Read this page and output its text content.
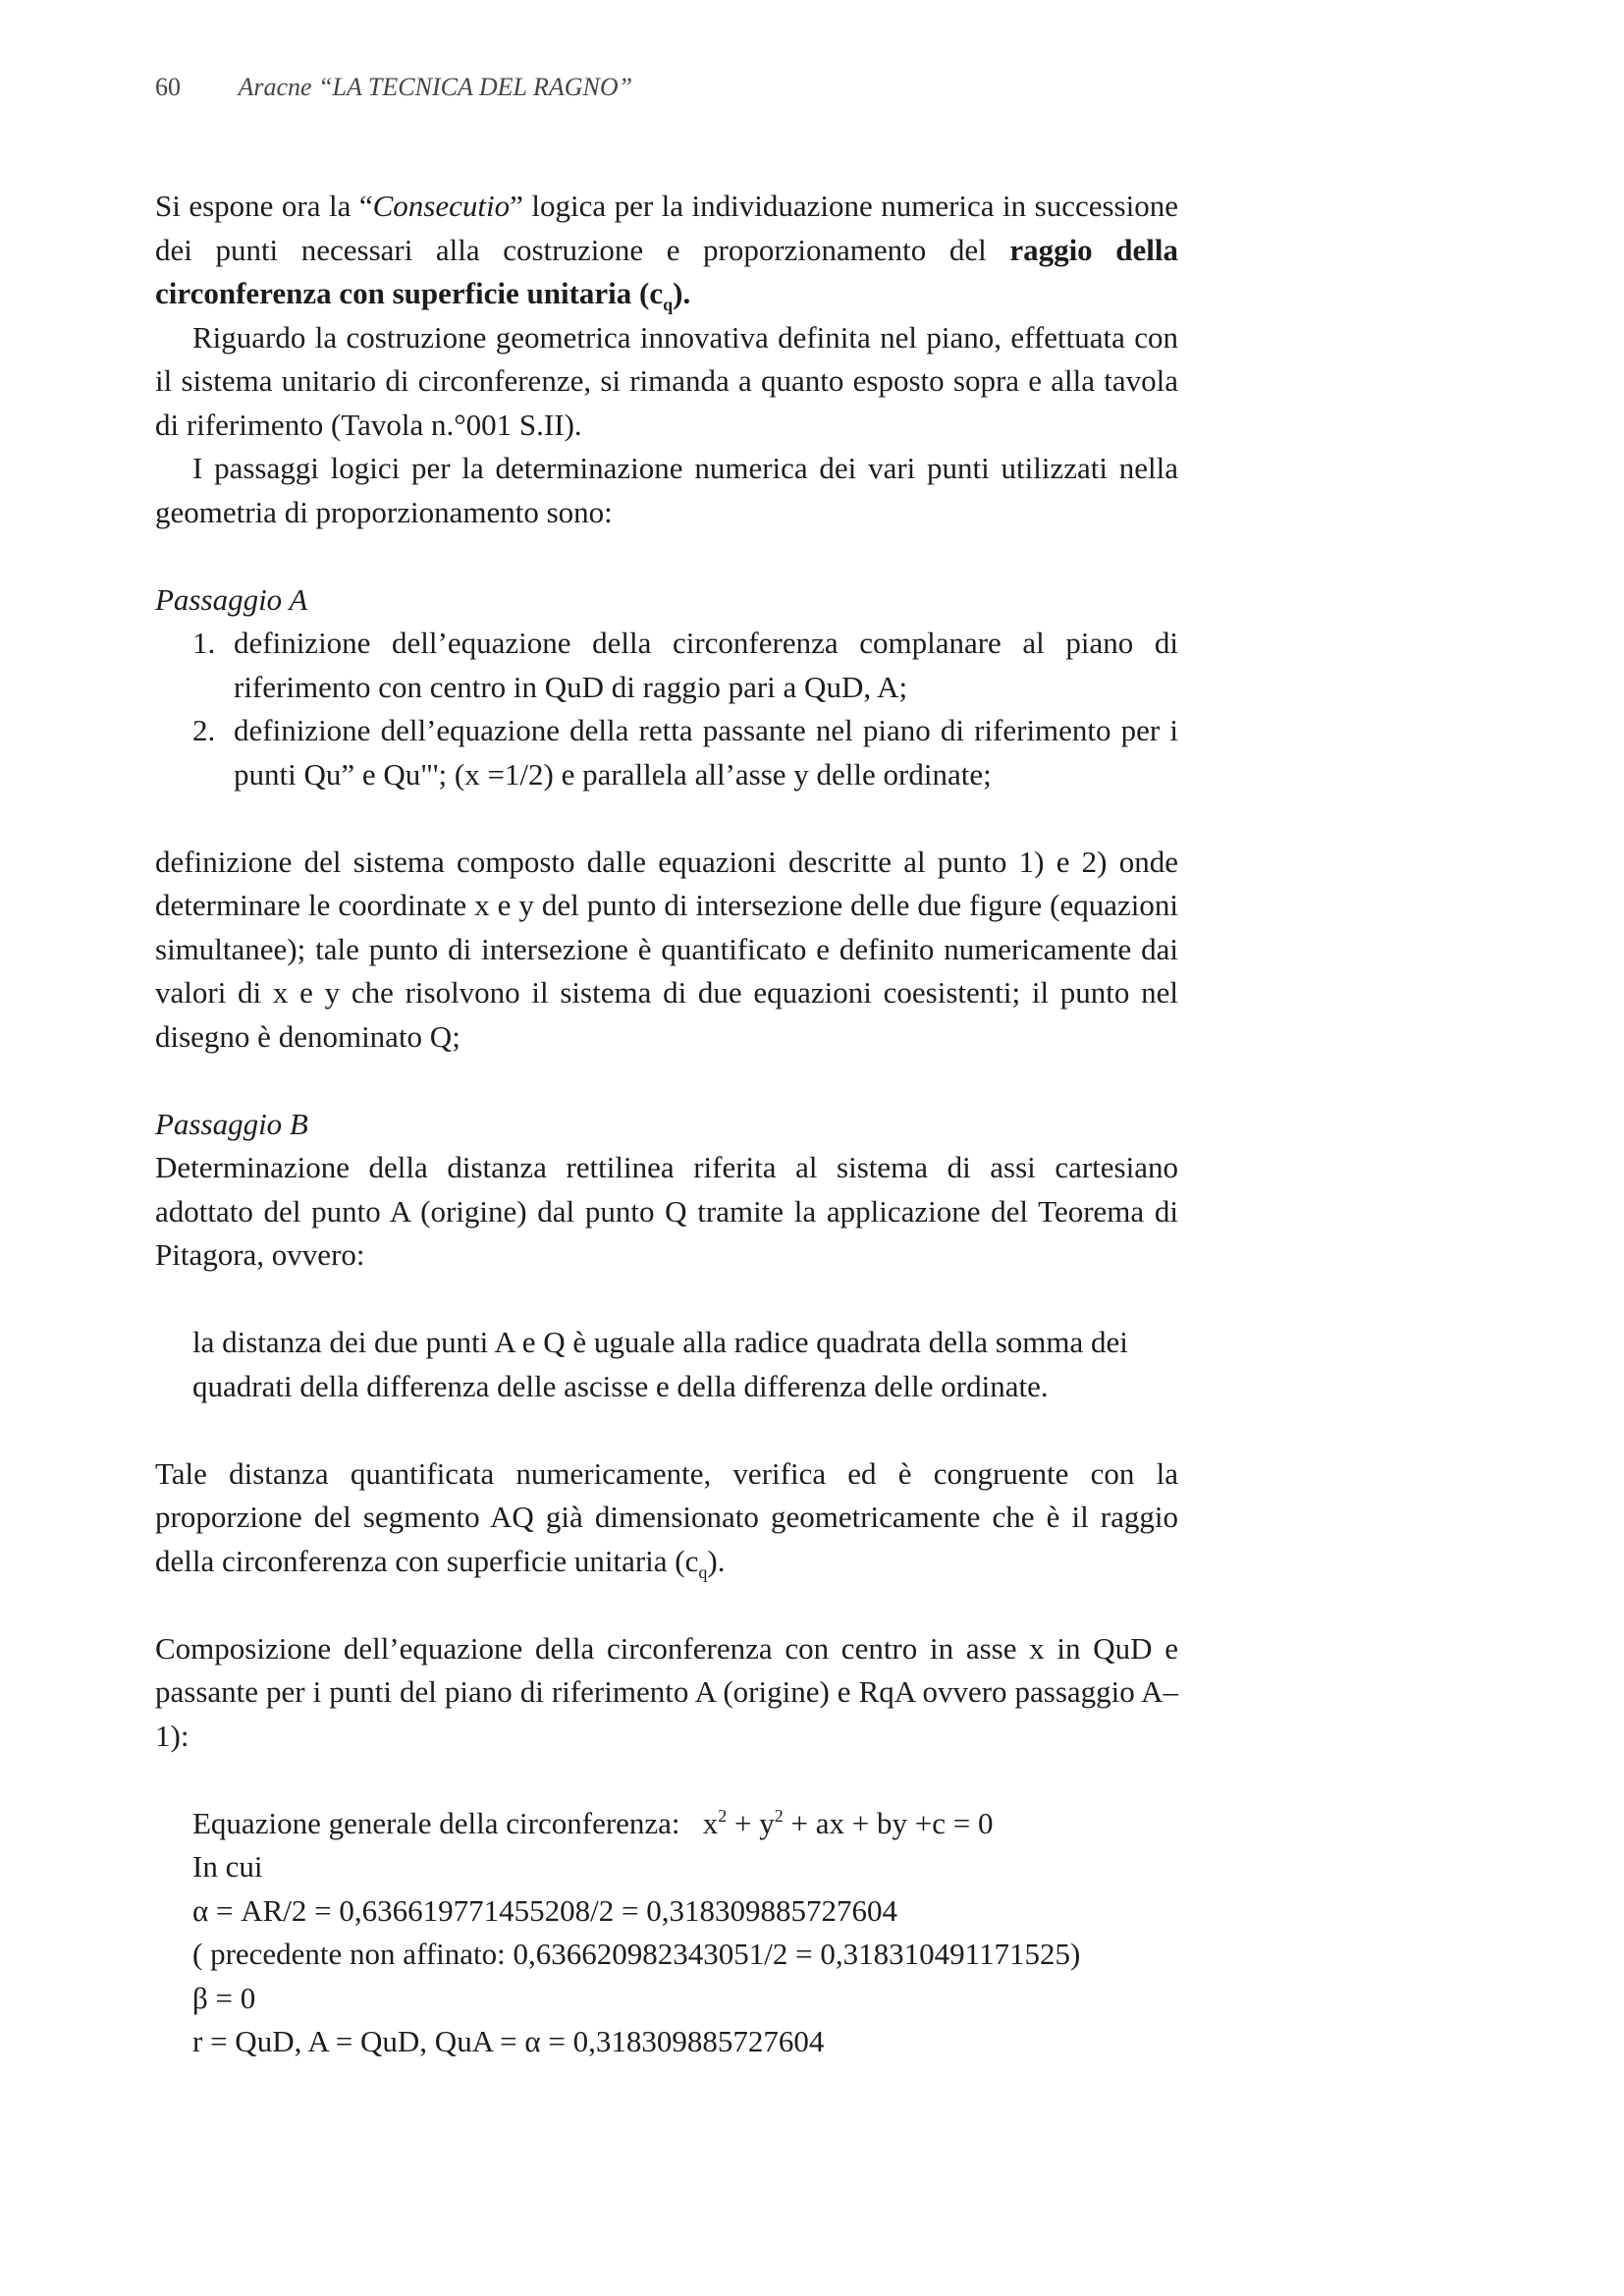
60 Aracne “LA TECNICA DEL RAGNO”

Si espone ora la “Consecutio” logica per la individuazione numerica in successione dei punti necessari alla costruzione e proporzionamento del raggio della circonferenza con superficie unitaria $(c_q)$.

Riguardo la costruzione geometrica innovativa definita nel piano, effettuata con il sistema unitario di circonferenze, si rimanda a quanto esposto sopra e alla tavola di riferimento (Tavola n.°001 S.II).

I passaggi logici per la determinazione numerica dei vari punti utilizzati nella geometria di proporzionamento sono:

Passaggio A

1. definizione dell’equazione della circonferenza complanare al piano di riferimento con centro in QuD di raggio pari a QuD, A;
2. definizione dell’equazione della retta passante nel piano di riferimento per i punti Qu” e Qu"'; (x =1/2) e parallela all’asse y delle ordinate;

definizione del sistema composto dalle equazioni descritte al punto 1) e 2) onde determinare le coordinate x e y del punto di intersezione delle due figure (equazioni simultanee); tale punto di intersezione è quantificato e definito numericamente dai valori di x e y che risolvono il sistema di due equazioni coesistenti; il punto nel disegno è denominato Q;

Passaggio B

Determinazione della distanza rettilinea riferita al sistema di assi cartesiano adottato del punto A (origine) dal punto Q tramite la applicazione del Teorema di Pitagora, ovvero:

la distanza dei due punti A e Q è uguale alla radice quadrata della somma dei quadrati della differenza delle ascisse e della differenza delle ordinate.

Tale distanza quantificata numericamente, verifica ed è congruente con la proporzione del segmento AQ già dimensionato geometricamente che è il raggio della circonferenza con superficie unitaria $(c_q)$.

Composizione dell’equazione della circonferenza con centro in asse x in QuD e passante per i punti del piano di riferimento A (origine) e RqA ovvero passaggio A–1):

Equazione generale della circonferenza: $x^2 + y^2$ + ax + by +c = 0
In cui
α = AR/2 = 0,636619771455208/2 = 0,318309885727604
( precedente non affinato: 0,636620982343051/2 = 0,318310491171525)
β = 0
r = QuD, A = QuD, QuA = α = 0,318309885727604
